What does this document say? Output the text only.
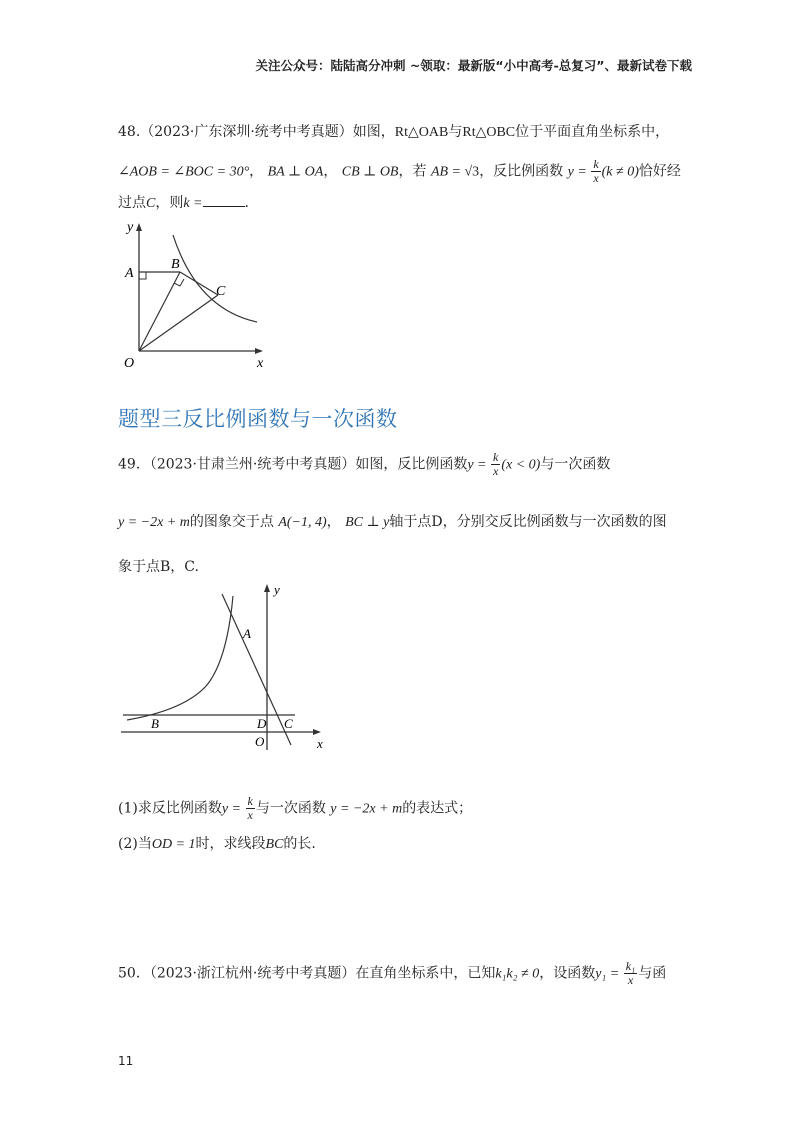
关注公众号：陆陆高分冲刺 ~领取：最新版“小中高考-总复习”、最新试卷下载
48.（2023·广东深圳·统考中考真题）如图，Rt△OAB与Rt△OBC位于平面直角坐标系中，
∠AOB = ∠BOC = 30°， BA ⊥ OA， CB ⊥ OB，若 AB = √3，反比例函数 $y = \frac{k}{x} (k \ne 0)$恰好经
过点C，则k =	.
y
A
B
C
O	x
题型三反比例函数与一次函数
49．（2023·甘肃兰州·统考中考真题）如图，反比例函数$y = \frac{k}{x} (x < 0)$与一次函数
y = −2x + m的图象交于点 A(−1, 4)， BC ⊥ y轴于点D，分别交反比例函数与一次函数的图
象于点B，C.
y
A
B	D C
O	x
(1)求反比例函数$y = \frac{k}{x}$ 与一次函数 y = −2x + m的表达式；
(2)当OD = 1时，求线段BC的长.
50．（2023·浙江杭州·统考中考真题）在直角坐标系中，已知k₁k₂ ≠ 0，设函数$y_1 = \frac{\text{k₁}}{x}$ 与函
11
